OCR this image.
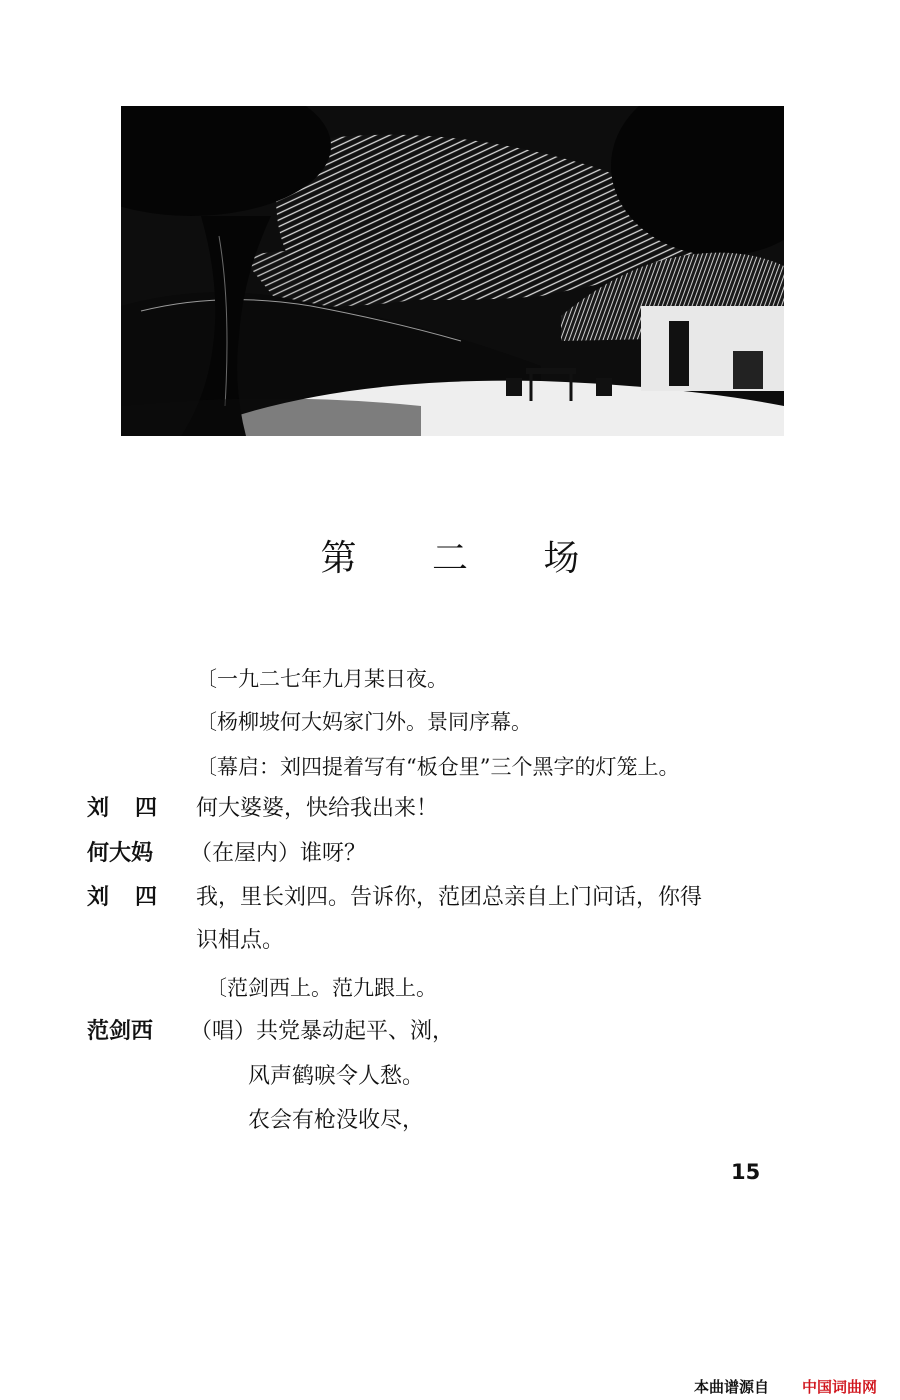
第 二 场
〔一九二七年九月某日夜。
〔杨柳坡何大妈家门外。景同序幕。
〔幕启：刘四提着写有“板仓里”三个黑字的灯笼上。
刘四 何大婆婆，快给我出来！
何大妈 （在屋内）谁呀？
刘四 我，里长刘四。告诉你，范团总亲自上门问话，你得
识相点。
〔范剑西上。范九跟上。
范剑西 （唱）共党暴动起平、浏，
风声鹤唳令人愁。
农会有枪没收尽，
15
本曲谱源自 中国词曲网
